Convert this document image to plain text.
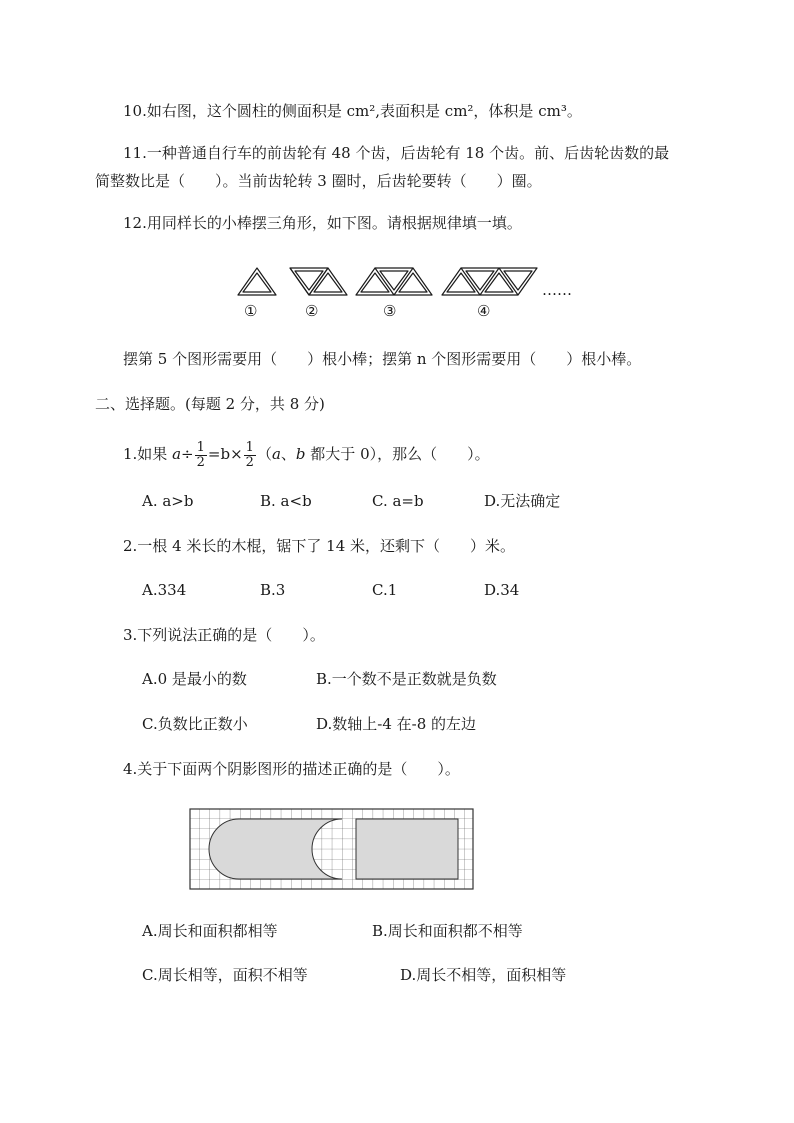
10.如右图，这个圆柱的侧面积是 cm²,表面积是 cm²，体积是 cm³。
11.一种普通自行车的前齿轮有 48 个齿，后齿轮有 18 个齿。前、后齿轮齿数的最
简整数比是（　　）。当前齿轮转 3 圈时，后齿轮要转（　　）圈。
12.用同样长的小棒摆三角形，如下图。请根据规律填一填。
①	②	③	④
……
摆第 5 个图形需要用（　　）根小棒；摆第 n 个图形需要用（　　）根小棒。
二、选择题。(每题 2 分，共 8 分)
1.如果 $a\div \frac{1}{2} =b\times \frac{1}{2} (a$、b 都大于 0），那么（　　）。
A. a>b	B. a<b	C. a=b	D.无法确定
2.一根 4 米长的木棍，锯下了 14 米，还剩下（　　）米。
A.334	B.3	C.1	D.34
3.下列说法正确的是（　　）。
A.0 是最小的数	B.一个数不是正数就是负数
C.负数比正数小	D.数轴上-4 在-8 的左边
4.关于下面两个阴影图形的描述正确的是（　　）。
A.周长和面积都相等	B.周长和面积都不相等
C.周长相等，面积不相等	D.周长不相等，面积相等
